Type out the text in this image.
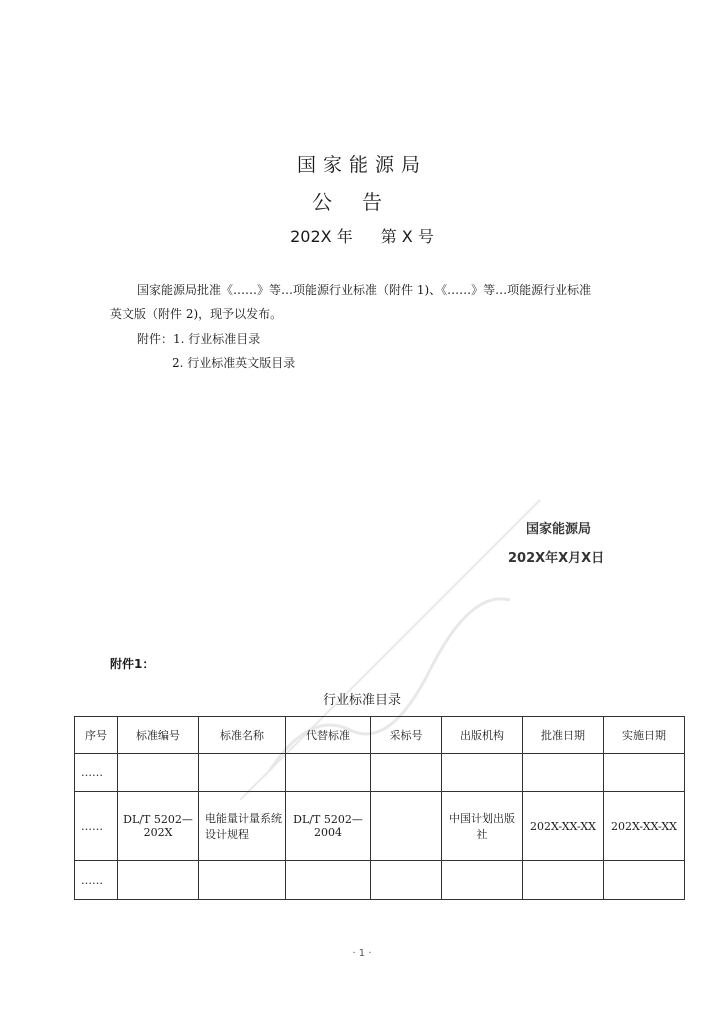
国家能源局
公告
202X 年 第 X 号
国家能源局批准《……》等…项能源行业标准（附件 1)、《……》等…项能源行业标准
英文版（附件 2)，现予以发布。
附件：1. 行业标准目录
2. 行业标准英文版目录
国家能源局
202X年X月X日
附件1：
行业标准目录
序号	标准编号	标准名称	代替标准	采标号	出版机构	批准日期	实施日期
……							
……	DL/T 5202—202X	电能量计量系统设计规程	DL/T 5202—2004		中国计划出版社	202X-XX-XX	202X-XX-XX
……							
· 1 ·
